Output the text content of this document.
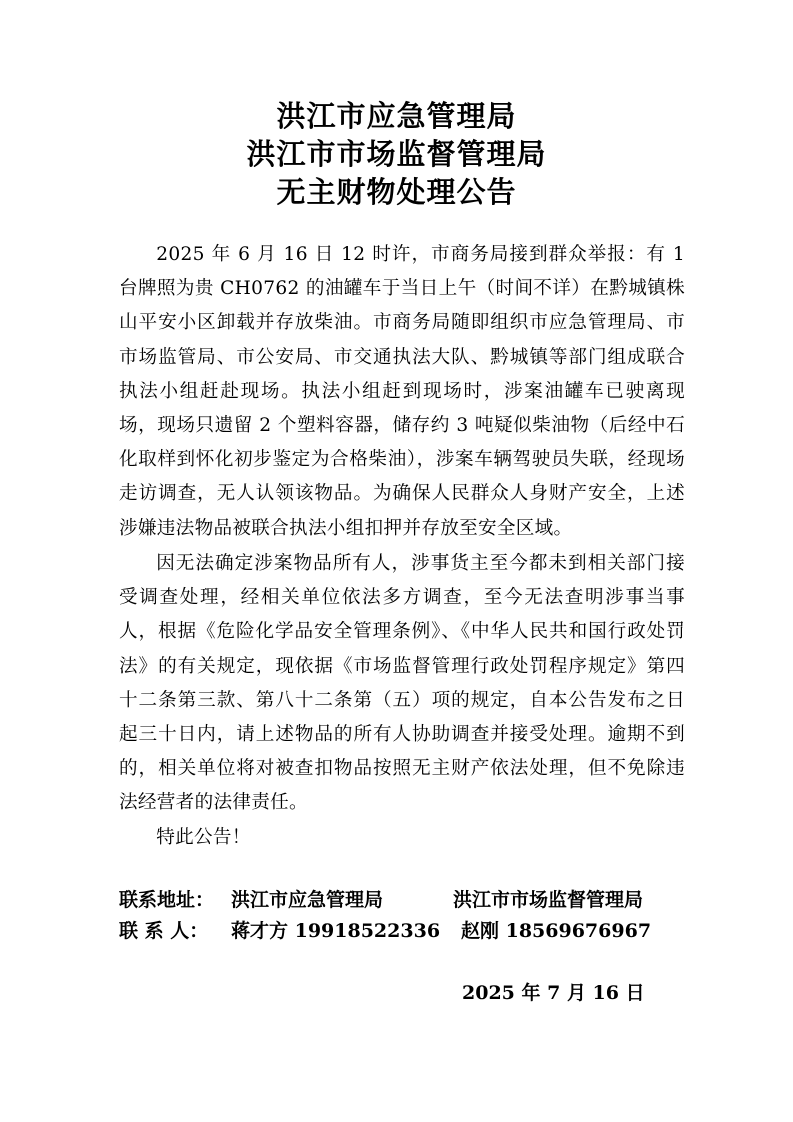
洪江市应急管理局
洪江市市场监督管理局
无主财物处理公告
2025 年 6 月 16 日 12 时许，市商务局接到群众举报：有 1 台牌照为贵 CH0762 的油罐车于当日上午（时间不详）在黔城镇株山平安小区卸载并存放柴油。市商务局随即组织市应急管理局、市市场监管局、市公安局、市交通执法大队、黔城镇等部门组成联合执法小组赶赴现场。执法小组赶到现场时，涉案油罐车已驶离现场，现场只遗留 2 个塑料容器，储存约 3 吨疑似柴油物（后经中石化取样到怀化初步鉴定为合格柴油），涉案车辆驾驶员失联，经现场走访调查，无人认领该物品。为确保人民群众人身财产安全，上述涉嫌违法物品被联合执法小组扣押并存放至安全区域。
因无法确定涉案物品所有人，涉事货主至今都未到相关部门接受调查处理，经相关单位依法多方调查，至今无法查明涉事当事人，根据《危险化学品安全管理条例》、《中华人民共和国行政处罚法》的有关规定，现依据《市场监督管理行政处罚程序规定》第四十二条第三款、第八十二条第（五）项的规定，自本公告发布之日起三十日内，请上述物品的所有人协助调查并接受处理。逾期不到的，相关单位将对被查扣物品按照无主财产依法处理，但不免除违法经营者的法律责任。
特此公告！
联系地址： 洪江市应急管理局	洪江市市场监督管理局
联 系 人： 蒋才方 19918522336 赵刚 18569676967
2025 年 7 月 16 日
